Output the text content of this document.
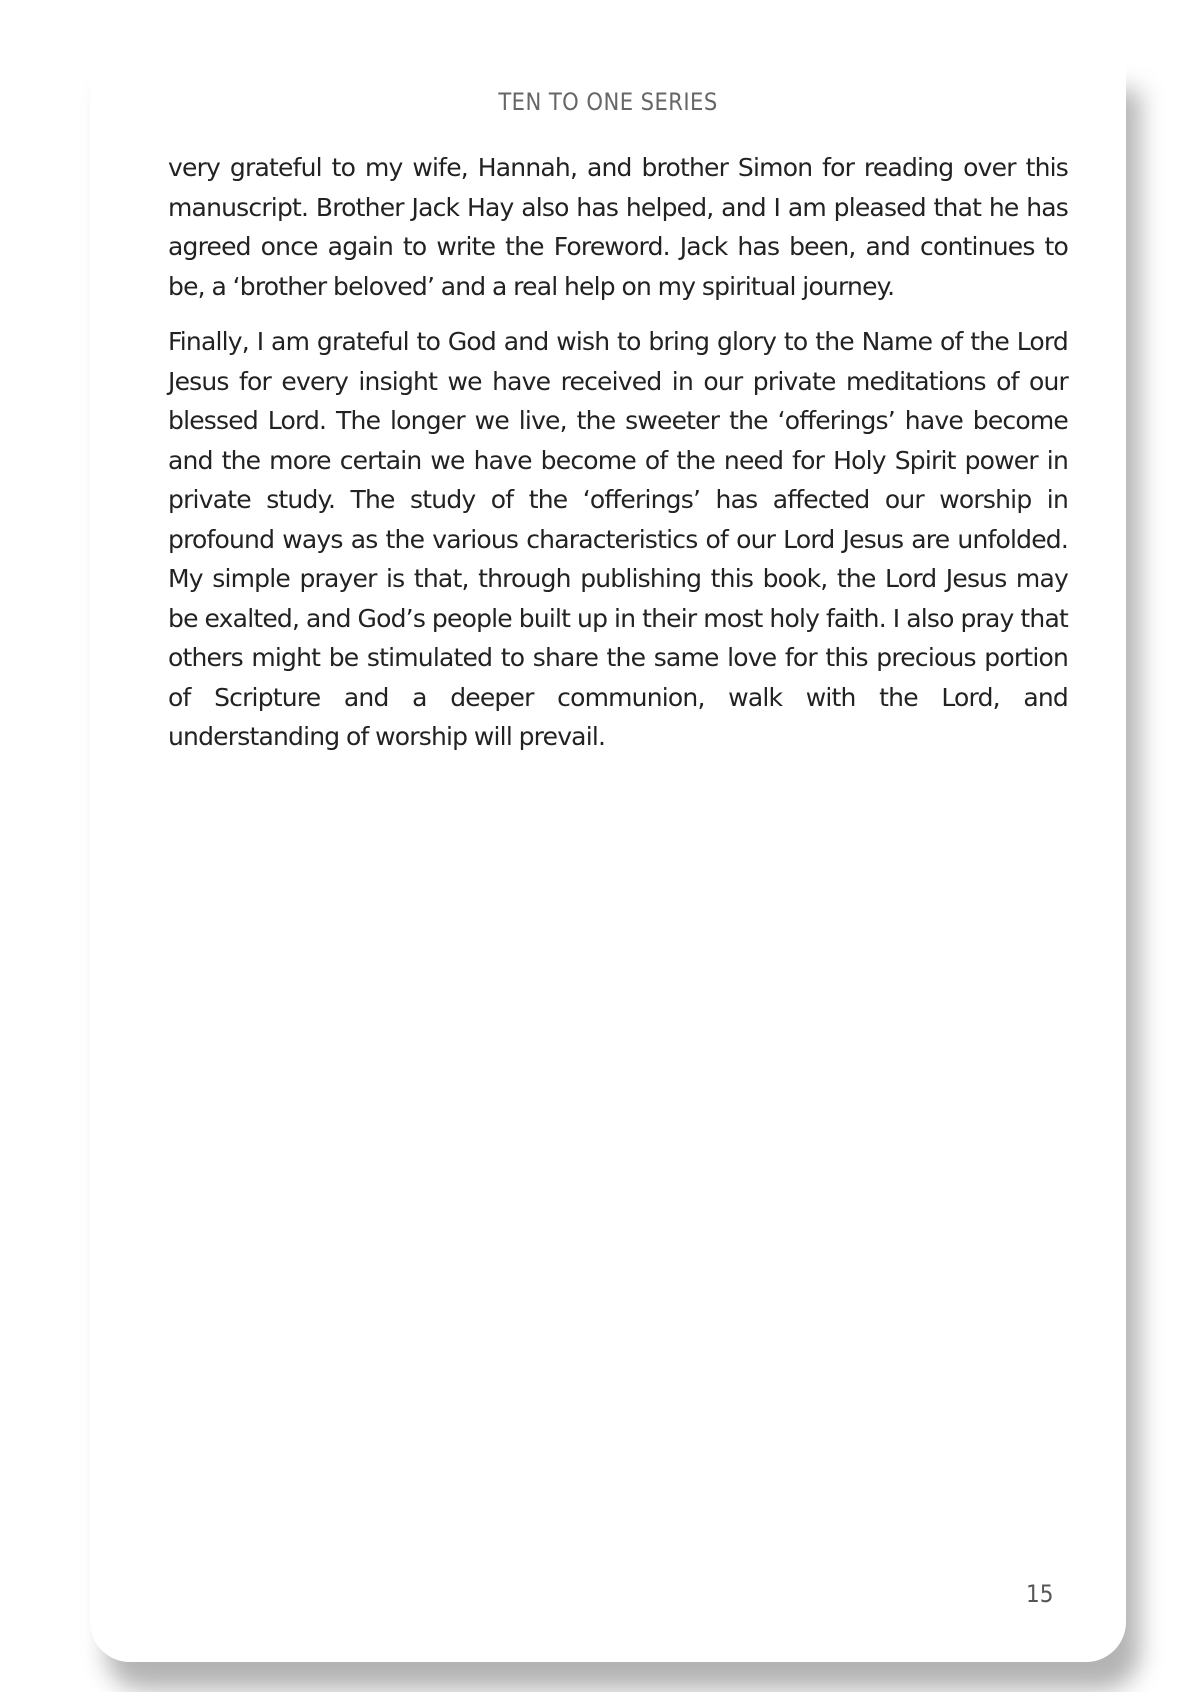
TEN TO ONE SERIES

very grateful to my wife, Hannah, and brother Simon for reading over this manuscript. Brother Jack Hay also has helped, and I am pleased that he has agreed once again to write the Foreword. Jack has been, and continues to be, a ‘brother beloved’ and a real help on my spiritual journey.

Finally, I am grateful to God and wish to bring glory to the Name of the Lord Jesus for every insight we have received in our private meditations of our blessed Lord. The longer we live, the sweeter the ‘offerings’ have become and the more certain we have become of the need for Holy Spirit power in private study. The study of the ‘offerings’ has affected our worship in profound ways as the various characteristics of our Lord Jesus are unfolded. My simple prayer is that, through publishing this book, the Lord Jesus may be exalted, and God’s people built up in their most holy faith. I also pray that others might be stimulated to share the same love for this precious portion of Scripture and a deeper communion, walk with the Lord, and understanding of worship will prevail.

15
